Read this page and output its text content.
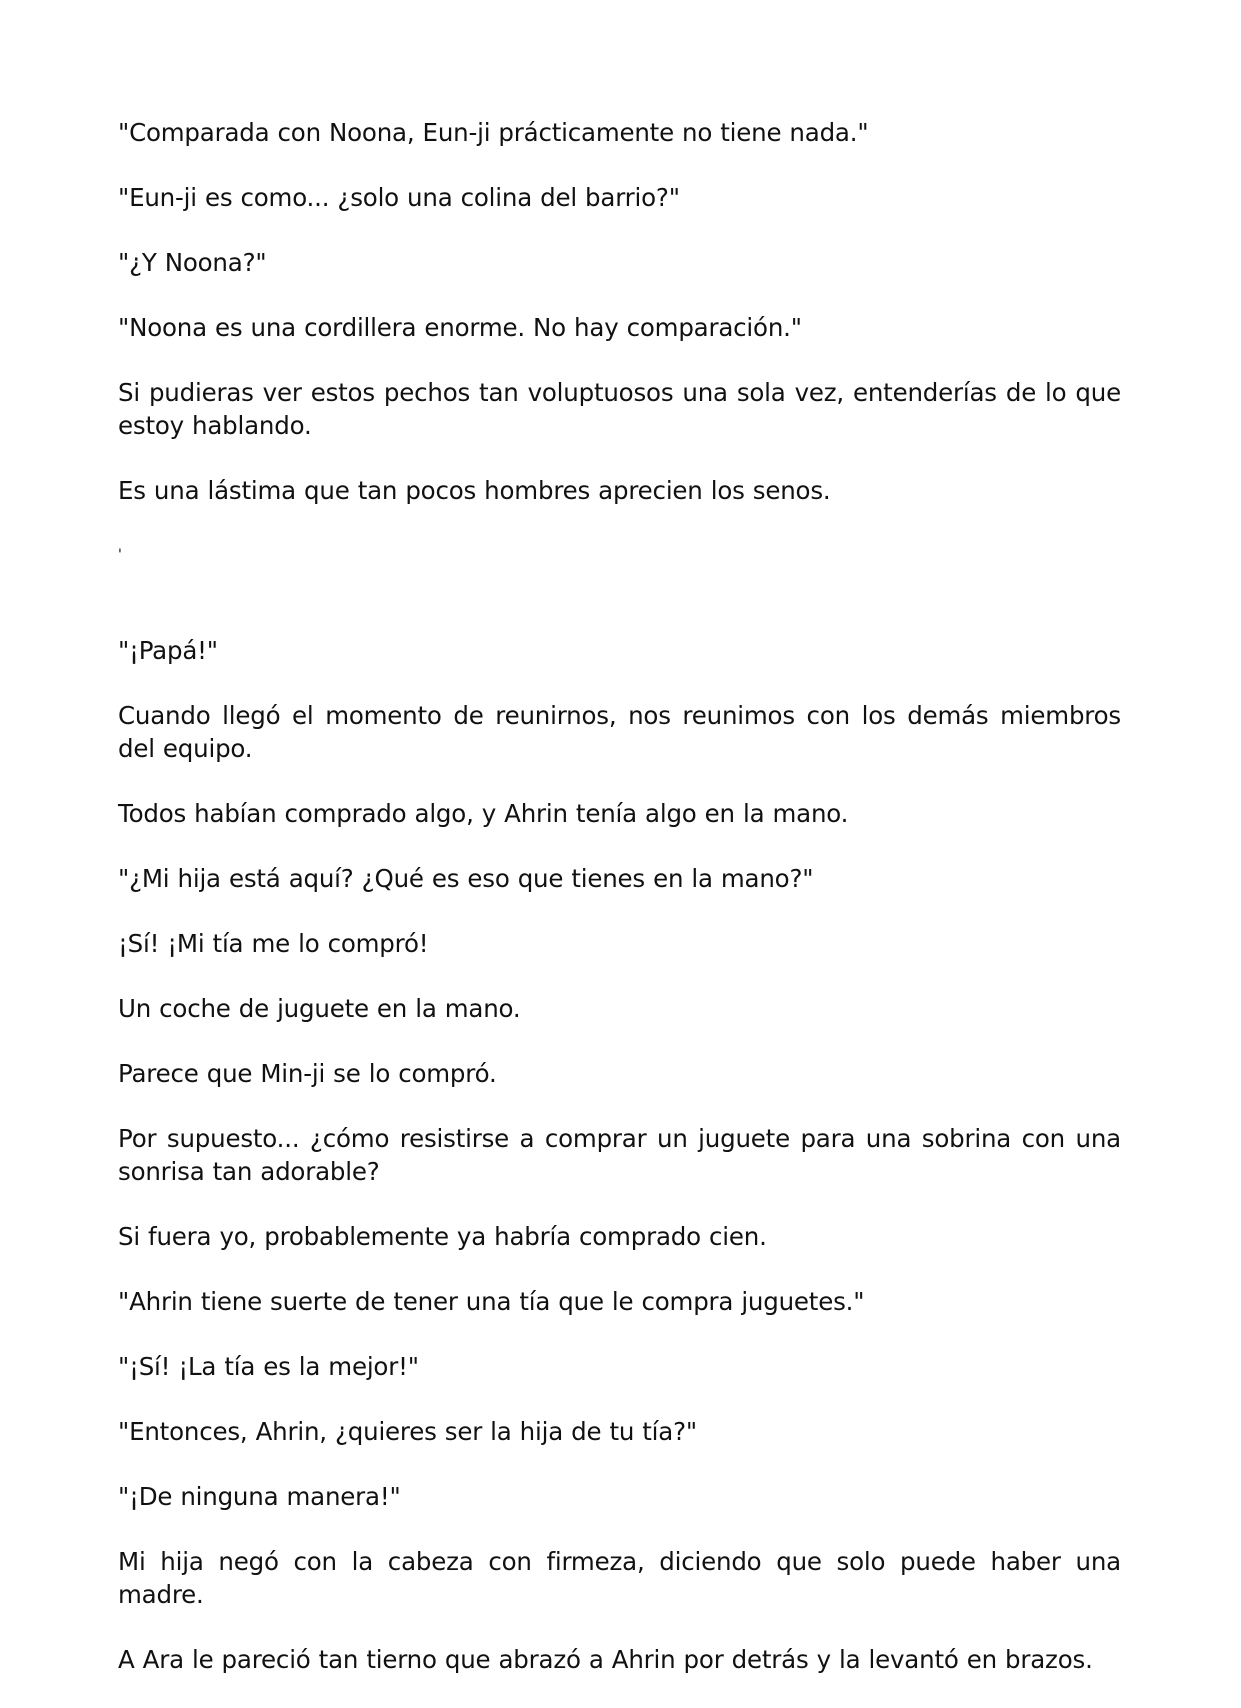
"Comparada con Noona, Eun-ji prácticamente no tiene nada."

"Eun-ji es como... ¿solo una colina del barrio?"

"¿Y Noona?"

"Noona es una cordillera enorme. No hay comparación."

Si pudieras ver estos pechos tan voluptuosos una sola vez, entenderías de lo que estoy hablando.

Es una lástima que tan pocos hombres aprecien los senos.

'

"¡Papá!"

Cuando llegó el momento de reunirnos, nos reunimos con los demás miembros del equipo.

Todos habían comprado algo, y Ahrin tenía algo en la mano.

"¿Mi hija está aquí? ¿Qué es eso que tienes en la mano?"

¡Sí! ¡Mi tía me lo compró!

Un coche de juguete en la mano.

Parece que Min-ji se lo compró.

Por supuesto... ¿cómo resistirse a comprar un juguete para una sobrina con una sonrisa tan adorable?

Si fuera yo, probablemente ya habría comprado cien.

"Ahrin tiene suerte de tener una tía que le compra juguetes."

"¡Sí! ¡La tía es la mejor!"

"Entonces, Ahrin, ¿quieres ser la hija de tu tía?"

"¡De ninguna manera!"

Mi hija negó con la cabeza con firmeza, diciendo que solo puede haber una madre.

A Ara le pareció tan tierno que abrazó a Ahrin por detrás y la levantó en brazos.
